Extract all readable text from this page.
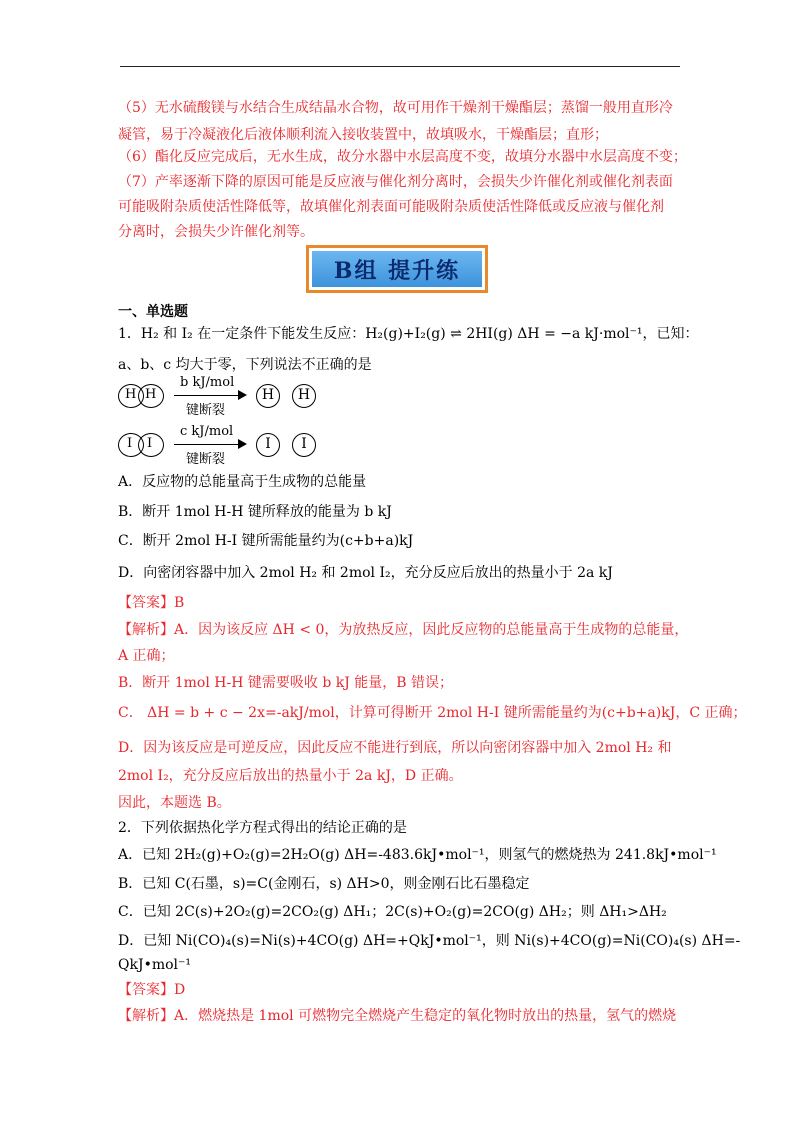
（5）无水硫酸镁与水结合生成结晶水合物，故可用作干燥剂干燥酯层；蒸馏一般用直形冷
凝管，易于冷凝液化后液体顺利流入接收装置中，故填吸水，干燥酯层；直形；
（6）酯化反应完成后，无水生成，故分水器中水层高度不变，故填分水器中水层高度不变；
（7）产率逐渐下降的原因可能是反应液与催化剂分离时，会损失少许催化剂或催化剂表面
可能吸附杂质使活性降低等，故填催化剂表面可能吸附杂质使活性降低或反应液与催化剂
分离时，会损失少许催化剂等。
B组 提升练
一、单选题
1．H₂ 和 I₂ 在一定条件下能发生反应：H₂(g)+I₂(g) ⇌ 2HI(g) ΔH = −a kJ·mol⁻¹，已知：
a、b、c 均大于零，下列说法不正确的是
H H
b kJ/mol
键断裂
H	H
I I
c kJ/mol
键断裂
I	I
A．反应物的总能量高于生成物的总能量
B．断开 1mol H-H 键所释放的能量为 b kJ
C．断开 2mol H-I 键所需能量约为(c+b+a)kJ
D．向密闭容器中加入 2mol H₂ 和 2mol I₂，充分反应后放出的热量小于 2a kJ
【答案】B
【解析】A．因为该反应 ΔH < 0，为放热反应，因此反应物的总能量高于生成物的总能量，
A 正确；
B．断开 1mol H-H 键需要吸收 b kJ 能量，B 错误；
C． ΔH = b + c − 2x=-akJ/mol，计算可得断开 2mol H-I 键所需能量约为(c+b+a)kJ，C 正确；
D．因为该反应是可逆反应，因此反应不能进行到底，所以向密闭容器中加入 2mol H₂ 和
2mol I₂，充分反应后放出的热量小于 2a kJ，D 正确。
因此，本题选 B。
2．下列依据热化学方程式得出的结论正确的是
A．已知 2H₂(g)+O₂(g)=2H₂O(g) ΔH=-483.6kJ•mol⁻¹，则氢气的燃烧热为 241.8kJ•mol⁻¹
B．已知 C(石墨，s)=C(金刚石，s) ΔH>0，则金刚石比石墨稳定
C．已知 2C(s)+2O₂(g)=2CO₂(g) ΔH₁；2C(s)+O₂(g)=2CO(g) ΔH₂；则 ΔH₁>ΔH₂
D．已知 Ni(CO)₄(s)=Ni(s)+4CO(g) ΔH=+QkJ•mol⁻¹，则 Ni(s)+4CO(g)=Ni(CO)₄(s) ΔH=-
QkJ•mol⁻¹
【答案】D
【解析】A．燃烧热是 1mol 可燃物完全燃烧产生稳定的氧化物时放出的热量，氢气的燃烧
